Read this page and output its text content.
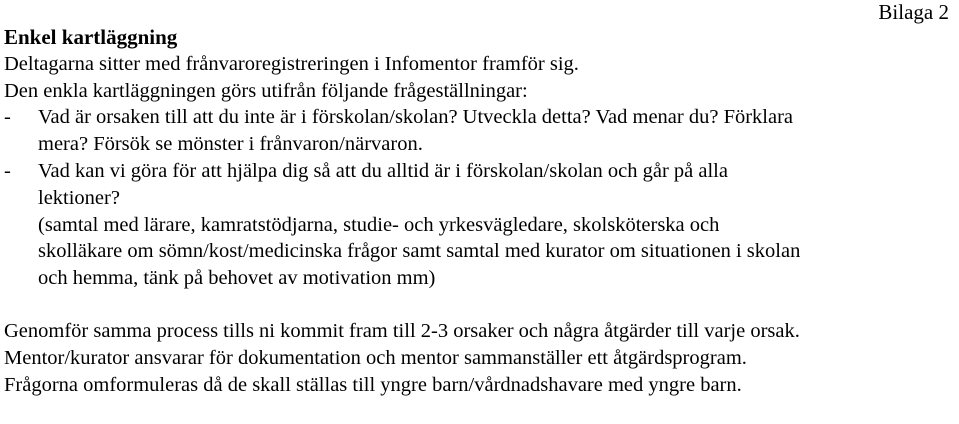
Bilaga 2

Enkel kartläggning

Deltagarna sitter med frånvaroregistreringen i Infomentor framför sig.

Den enkla kartläggningen görs utifrån följande frågeställningar:

-	Vad är orsaken till att du inte är i förskolan/skolan? Utveckla detta? Vad menar du? Förklara
mera? Försök se mönster i frånvaron/närvaron.
-	Vad kan vi göra för att hjälpa dig så att du alltid är i förskolan/skolan och går på alla
lektioner?
(samtal med lärare, kamratstödjarna, studie- och yrkesvägledare, skolsköterska och
skolläkare om sömn/kost/medicinska frågor samt samtal med kurator om situationen i skolan
och hemma, tänk på behovet av motivation mm)

Genomför samma process tills ni kommit fram till 2-3 orsaker och några åtgärder till varje orsak.

Mentor/kurator ansvarar för dokumentation och mentor sammanställer ett åtgärdsprogram.

Frågorna omformuleras då de skall ställas till yngre barn/vårdnadshavare med yngre barn.
